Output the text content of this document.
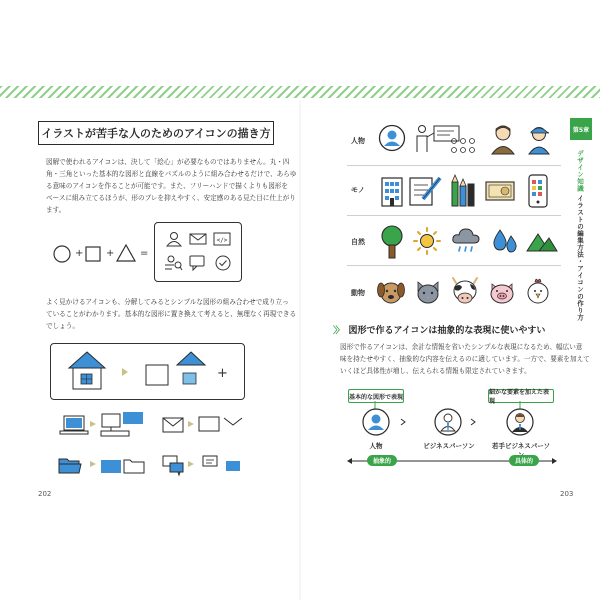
イラストが苦手な人のためのアイコンの描き方
図解で使われるアイコンは、決して「絵心」が必要なものではありません。丸・四
角・三角といった基本的な図形と直線をパズルのように組み合わせるだけで、あらゆ
る意味のアイコンを作ることが可能です。また、フリーハンドで描くよりも図形を
ベースに組み立てるほうが、形のブレを抑えやすく、安定感のある見た目に仕上がり
ます。
+ +	=
</>
よく見かけるアイコンも、分解してみるとシンプルな図形の組み合わせで成り立っ
ていることがわかります。基本的な図形に置き換えて考えると、無理なく再現できる
でしょう。
+
202
人物
モノ
自然
動物
第5章
デザイン知識 イラストの編集方法・アイコンの作り方
〉〉 図形で作るアイコンは抽象的な表現に使いやすい
図形で作るアイコンは、余計な情報を省いたシンプルな表現になるため、幅広い意
味を持たせやすく、抽象的な内容を伝えるのに適しています。一方で、要素を加えて
いくほど具体性が増し、伝えられる情報も限定されていきます。
基本的な図形で表現
細かな要素を加えた表現
人物	ビジネスパーソン	若手ビジネスパーソ
抽象的	具体的
203
